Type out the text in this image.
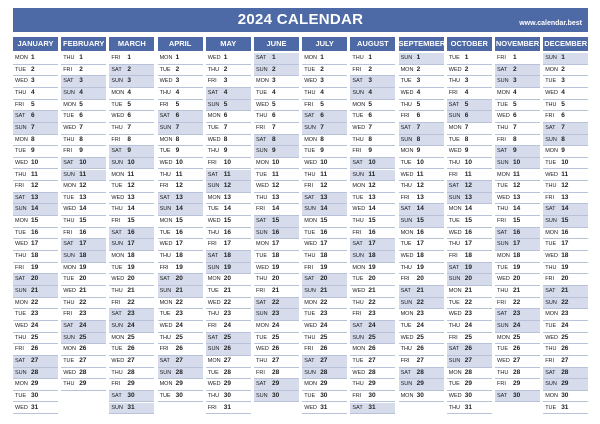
2024 CALENDAR	www.calendar.best
JANUARY
MON 1
TUE 2
WED 3
THU 4
FRI 5
SAT 6
SUN 7
MON 8
TUE 9
WED 10
THU 11
FRI 12
SAT 13
SUN 14
MON 15
TUE 16
WED 17
THU 18
FRI 19
SAT 20
SUN 21
MON 22
TUE 23
WED 24
THU 25
FRI 26
SAT 27
SUN 28
MON 29
TUE 30
WED 31
FEBRUARY
THU 1
FRI 2
SAT 3
SUN 4
MON 5
TUE 6
WED 7
THU 8
FRI 9
SAT 10
SUN 11
MON 12
TUE 13
WED 14
THU 15
FRI 16
SAT 17
SUN 18
MON 19
TUE 20
WED 21
THU 22
FRI 23
SAT 24
SUN 25
MON 26
TUE 27
WED 28
THU 29
MARCH
FRI 1
SAT 2
SUN 3
MON 4
TUE 5
WED 6
THU 7
FRI 8
SAT 9
SUN 10
MON 11
TUE 12
WED 13
THU 14
FRI 15
SAT 16
SUN 17
MON 18
TUE 19
WED 20
THU 21
FRI 22
SAT 23
SUN 24
MON 25
TUE 26
WED 27
THU 28
FRI 29
SAT 30
SUN 31
APRIL
MON 1
TUE 2
WED 3
THU 4
FRI 5
SAT 6
SUN 7
MON 8
TUE 9
WED 10
THU 11
FRI 12
SAT 13
SUN 14
MON 15
TUE 16
WED 17
THU 18
FRI 19
SAT 20
SUN 21
MON 22
TUE 23
WED 24
THU 25
FRI 26
SAT 27
SUN 28
MON 29
TUE 30
MAY
WED 1
THU 2
FRI 3
SAT 4
SUN 5
MON 6
TUE 7
WED 8
THU 9
FRI 10
SAT 11
SUN 12
MON 13
TUE 14
WED 15
THU 16
FRI 17
SAT 18
SUN 19
MON 20
TUE 21
WED 22
THU 23
FRI 24
SAT 25
SUN 26
MON 27
TUE 28
WED 29
THU 30
FRI 31
JUNE
SAT 1
SUN 2
MON 3
TUE 4
WED 5
THU 6
FRI 7
SAT 8
SUN 9
MON 10
TUE 11
WED 12
THU 13
FRI 14
SAT 15
SUN 16
MON 17
TUE 18
WED 19
THU 20
FRI 21
SAT 22
SUN 23
MON 24
TUE 25
WED 26
THU 27
FRI 28
SAT 29
SUN 30
JULY
MON 1
TUE 2
WED 3
THU 4
FRI 5
SAT 6
SUN 7
MON 8
TUE 9
WED 10
THU 11
FRI 12
SAT 13
SUN 14
MON 15
TUE 16
WED 17
THU 18
FRI 19
SAT 20
SUN 21
MON 22
TUE 23
WED 24
THU 25
FRI 26
SAT 27
SUN 28
MON 29
TUE 30
WED 31
AUGUST
THU 1
FRI 2
SAT 3
SUN 4
MON 5
TUE 6
WED 7
THU 8
FRI 9
SAT 10
SUN 11
MON 12
TUE 13
WED 14
THU 15
FRI 16
SAT 17
SUN 18
MON 19
TUE 20
WED 21
THU 22
FRI 23
SAT 24
SUN 25
MON 26
TUE 27
WED 28
THU 29
FRI 30
SAT 31
SEPTEMBER
SUN 1
MON 2
TUE 3
WED 4
THU 5
FRI 6
SAT 7
SUN 8
MON 9
TUE 10
WED 11
THU 12
FRI 13
SAT 14
SUN 15
MON 16
TUE 17
WED 18
THU 19
FRI 20
SAT 21
SUN 22
MON 23
TUE 24
WED 25
THU 26
FRI 27
SAT 28
SUN 29
MON 30
OCTOBER
TUE 1
WED 2
THU 3
FRI 4
SAT 5
SUN 6
MON 7
TUE 8
WED 9
THU 10
FRI 11
SAT 12
SUN 13
MON 14
TUE 15
WED 16
THU 17
FRI 18
SAT 19
SUN 20
MON 21
TUE 22
WED 23
THU 24
FRI 25
SAT 26
SUN 27
MON 28
TUE 29
WED 30
THU 31
NOVEMBER
FRI 1
SAT 2
SUN 3
MON 4
TUE 5
WED 6
THU 7
FRI 8
SAT 9
SUN 10
MON 11
TUE 12
WED 13
THU 14
FRI 15
SAT 16
SUN 17
MON 18
TUE 19
WED 20
THU 21
FRI 22
SAT 23
SUN 24
MON 25
TUE 26
WED 27
THU 28
FRI 29
SAT 30
DECEMBER
SUN 1
MON 2
TUE 3
WED 4
THU 5
FRI 6
SAT 7
SUN 8
MON 9
TUE 10
WED 11
THU 12
FRI 13
SAT 14
SUN 15
MON 16
TUE 17
WED 18
THU 19
FRI 20
SAT 21
SUN 22
MON 23
TUE 24
WED 25
THU 26
FRI 27
SAT 28
SUN 29
MON 30
TUE 31
